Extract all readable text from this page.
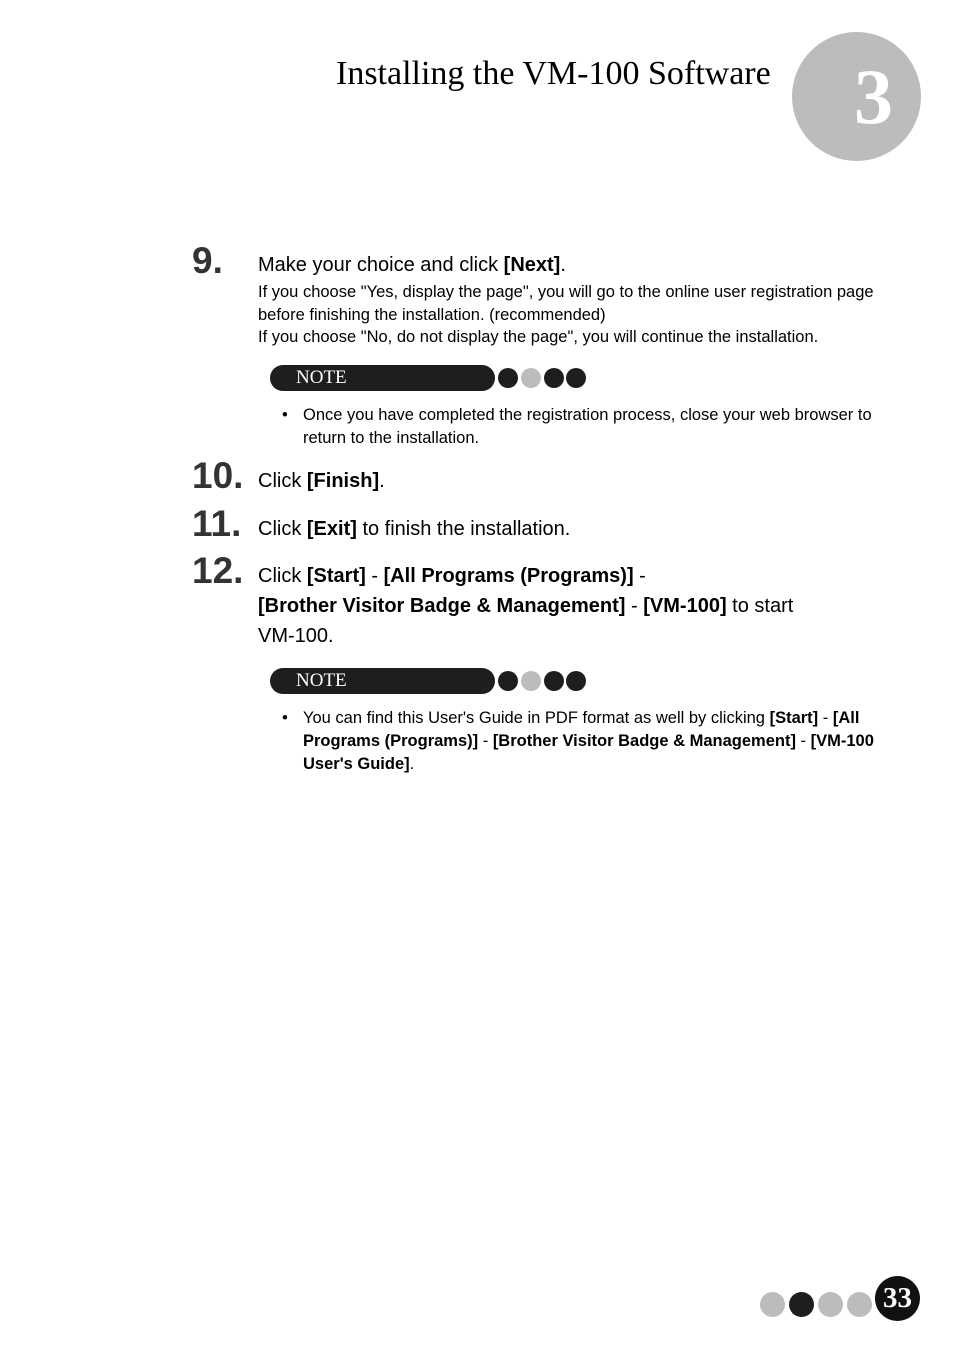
Installing the VM-100 Software	3
9. Make your choice and click [Next].
If you choose "Yes, display the page", you will go to the online user registration page before finishing the installation. (recommended)
If you choose "No, do not display the page", you will continue the installation.
NOTE
• Once you have completed the registration process, close your web browser to return to the installation.
10. Click [Finish].
11. Click [Exit] to finish the installation.
12. Click [Start] - [All Programs (Programs)] -
[Brother Visitor Badge & Management] - [VM-100] to start
VM-100.
NOTE
• You can find this User's Guide in PDF format as well by clicking [Start] - [All Programs (Programs)] - [Brother Visitor Badge & Management] - [VM-100 User's Guide].
33
